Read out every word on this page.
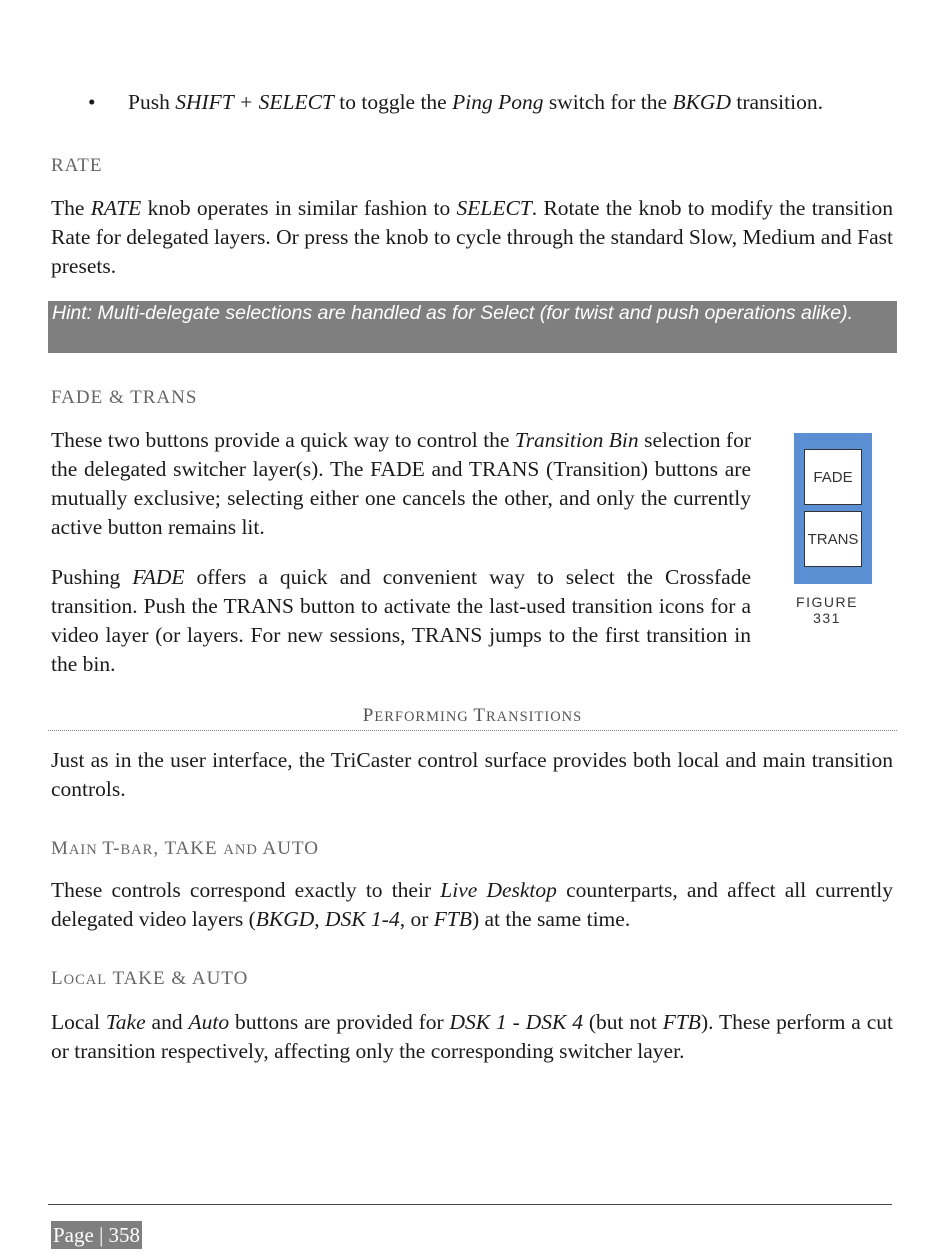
• Push SHIFT + SELECT to toggle the Ping Pong switch for the BKGD transition.
RATE

The RATE knob operates in similar fashion to SELECT. Rotate the knob to modify the transition Rate for delegated layers. Or press the knob to cycle through the standard Slow, Medium and Fast presets.

Hint: Multi-delegate selections are handled as for Select (for twist and push operations alike).
FADE & TRANS

These two buttons provide a quick way to control the Transition Bin selection for the delegated switcher layer(s). The FADE and TRANS (Transition) buttons are mutually exclusive; selecting either one cancels the other, and only the currently active button remains lit.

Pushing FADE offers a quick and convenient way to select the Crossfade transition. Push the TRANS button to activate the last-used transition icons for a video layer (or layers. For new sessions, TRANS jumps to the first transition in the bin.

FADE
TRANS
FIGURE 331
PERFORMING TRANSITIONS

Just as in the user interface, the TriCaster control surface provides both local and main transition controls.

MAIN T-BAR, TAKE AND AUTO

These controls correspond exactly to their Live Desktop counterparts, and affect all currently delegated video layers (BKGD, DSK 1-4, or FTB) at the same time.

LOCAL TAKE & AUTO

Local Take and Auto buttons are provided for DSK 1 - DSK 4 (but not FTB). These perform a cut or transition respectively, affecting only the corresponding switcher layer.

Page | 358
